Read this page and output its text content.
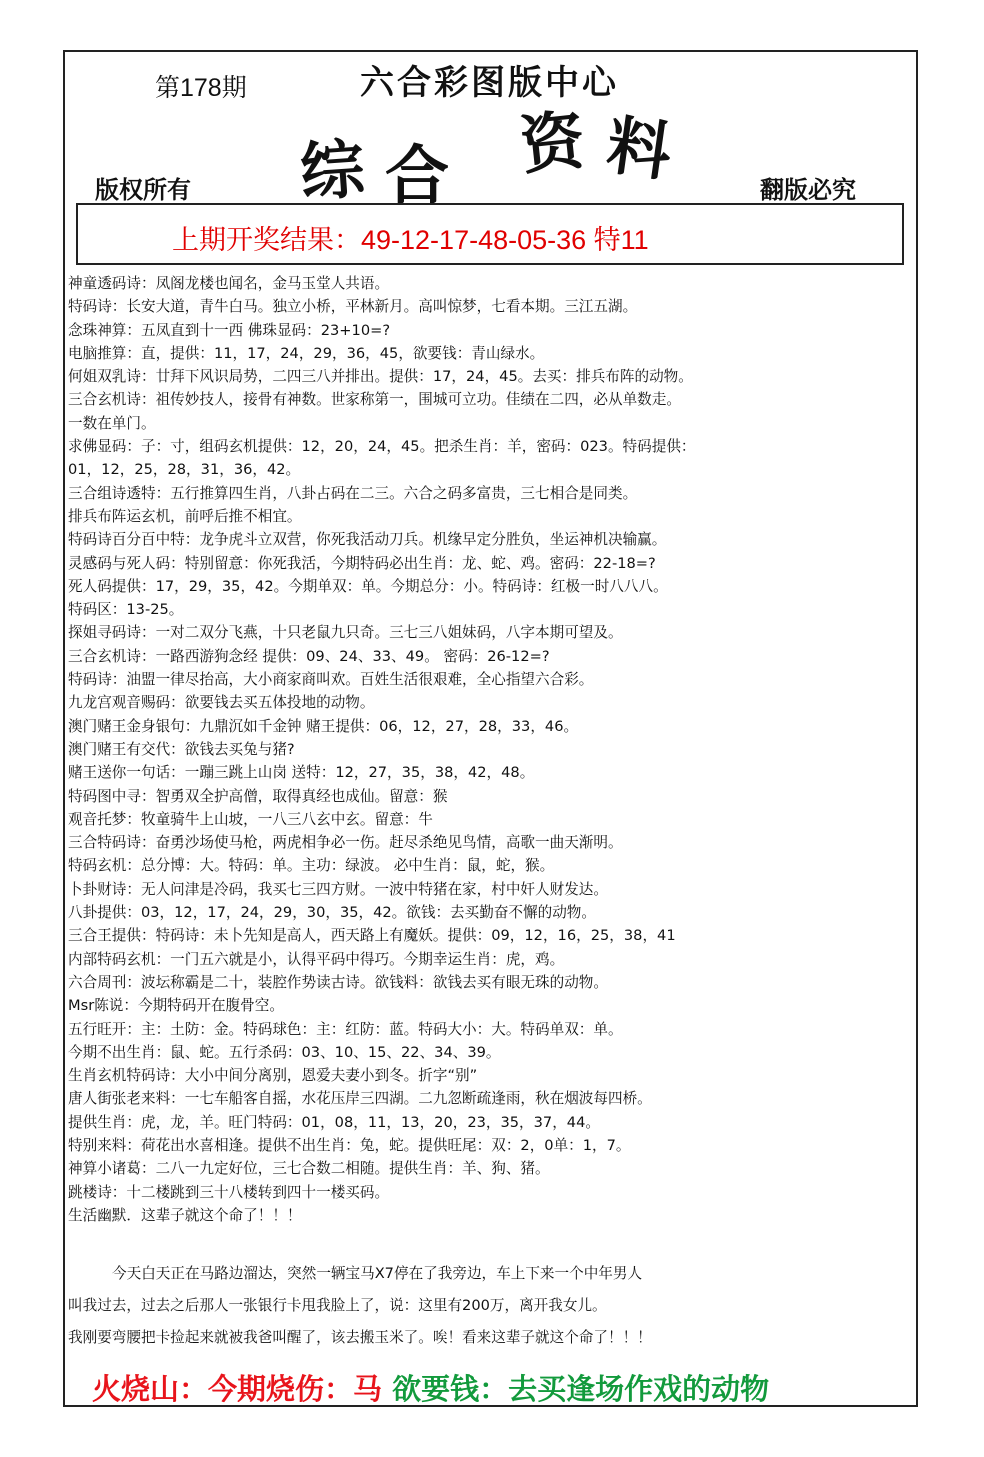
第178期	六合彩图版中心
综 合 资 料
版权所有	翻版必究
上期开奖结果：49-12-17-48-05-36 特11
神童透码诗：凤阁龙楼也闻名，金马玉堂人共语。
特码诗：长安大道，青牛白马。独立小桥，平林新月。高叫惊梦，七看本期。三江五湖。
念珠神算：五凤直到十一西 佛珠显码：23+10=?
电脑推算：直，提供：11，17，24，29，36，45，欲要钱：青山绿水。
何姐双乳诗：廿拜下风识局势，二四三八并排出。提供：17，24，45。去买：排兵布阵的动物。
三合玄机诗：祖传妙技人，接骨有神数。世家称第一，围城可立功。佳绩在二四，必从单数走。
一数在单门。
求佛显码：子：寸，组码玄机提供：12，20，24，45。把杀生肖：羊，密码：023。特码提供：
01，12，25，28，31，36，42。
三合组诗透特：五行推算四生肖，八卦占码在二三。六合之码多富贵，三七相合是同类。
排兵布阵运玄机，前呼后推不相宜。
特码诗百分百中特：龙争虎斗立双营，你死我活动刀兵。机缘早定分胜负，坐运神机决输赢。
灵感码与死人码：特别留意：你死我活，今期特码必出生肖：龙、蛇、鸡。密码：22-18=?
死人码提供：17，29，35，42。今期单双：单。今期总分：小。特码诗：红极一时八八八。
特码区：13-25。
探姐寻码诗：一对二双分飞燕，十只老鼠九只奇。三七三八姐妹码，八字本期可望及。
三合玄机诗：一路西游狗念经 提供：09、24、33、49。 密码：26-12=?
特码诗：油盟一律尽抬高，大小商家商叫欢。百姓生活很艰难，全心指望六合彩。
九龙宫观音赐码：欲要钱去买五体投地的动物。
澳门赌王金身银句：九鼎沉如千金钟 赌王提供：06，12，27，28，33，46。
澳门赌王有交代：欲钱去买兔与猪?
赌王送你一句话：一蹦三跳上山岗 送特：12，27，35，38，42，48。
特码图中寻：智勇双全护高僧，取得真经也成仙。留意：猴
观音托梦：牧童骑牛上山坡，一八三八玄中玄。留意：牛
三合特码诗：奋勇沙场使马枪，两虎相争必一伤。赶尽杀绝见鸟情，高歌一曲天渐明。
特码玄机：总分博：大。特码：单。主功：绿波。 必中生肖：鼠，蛇，猴。
卜卦财诗：无人问津是冷码，我买七三四方财。一波中特猪在家，村中奸人财发达。
八卦提供：03，12，17，24，29，30，35，42。欲钱：去买勤奋不懈的动物。
三合王提供：特码诗：未卜先知是高人，西天路上有魔妖。提供：09，12，16，25，38，41
内部特码玄机：一门五六就是小，认得平码中得巧。今期幸运生肖：虎，鸡。
六合周刊：波坛称霸是二十，装腔作势读古诗。欲钱料：欲钱去买有眼无珠的动物。
Msr陈说：今期特码开在腹骨空。
五行旺开：主：土防：金。特码球色：主：红防：蓝。特码大小：大。特码单双：单。
今期不出生肖：鼠、蛇。五行杀码：03、10、15、22、34、39。
生肖玄机特码诗：大小中间分离别，恩爱夫妻小到冬。折字“别”
唐人街张老来料：一七车船客自摇，水花压岸三四湖。二九忽断疏逢雨，秋在烟波每四桥。
提供生肖：虎，龙，羊。旺门特码：01，08，11，13，20，23，35，37，44。
特别来料：荷花出水喜相逢。提供不出生肖：兔，蛇。提供旺尾：双：2，0单：1，7。
神算小诸葛：二八一九定好位，三七合数二相随。提供生肖：羊、狗、猪。
跳楼诗：十二楼跳到三十八楼转到四十一楼买码。
生活幽默．这辈子就这个命了！！！
今天白天正在马路边溜达，突然一辆宝马X7停在了我旁边，车上下来一个中年男人
叫我过去，过去之后那人一张银行卡甩我脸上了，说：这里有200万，离开我女儿。
我刚要弯腰把卡捡起来就被我爸叫醒了，该去搬玉米了。唉！看来这辈子就这个命了！！！
火烧山：今期烧伤：马 欲要钱：去买逢场作戏的动物
